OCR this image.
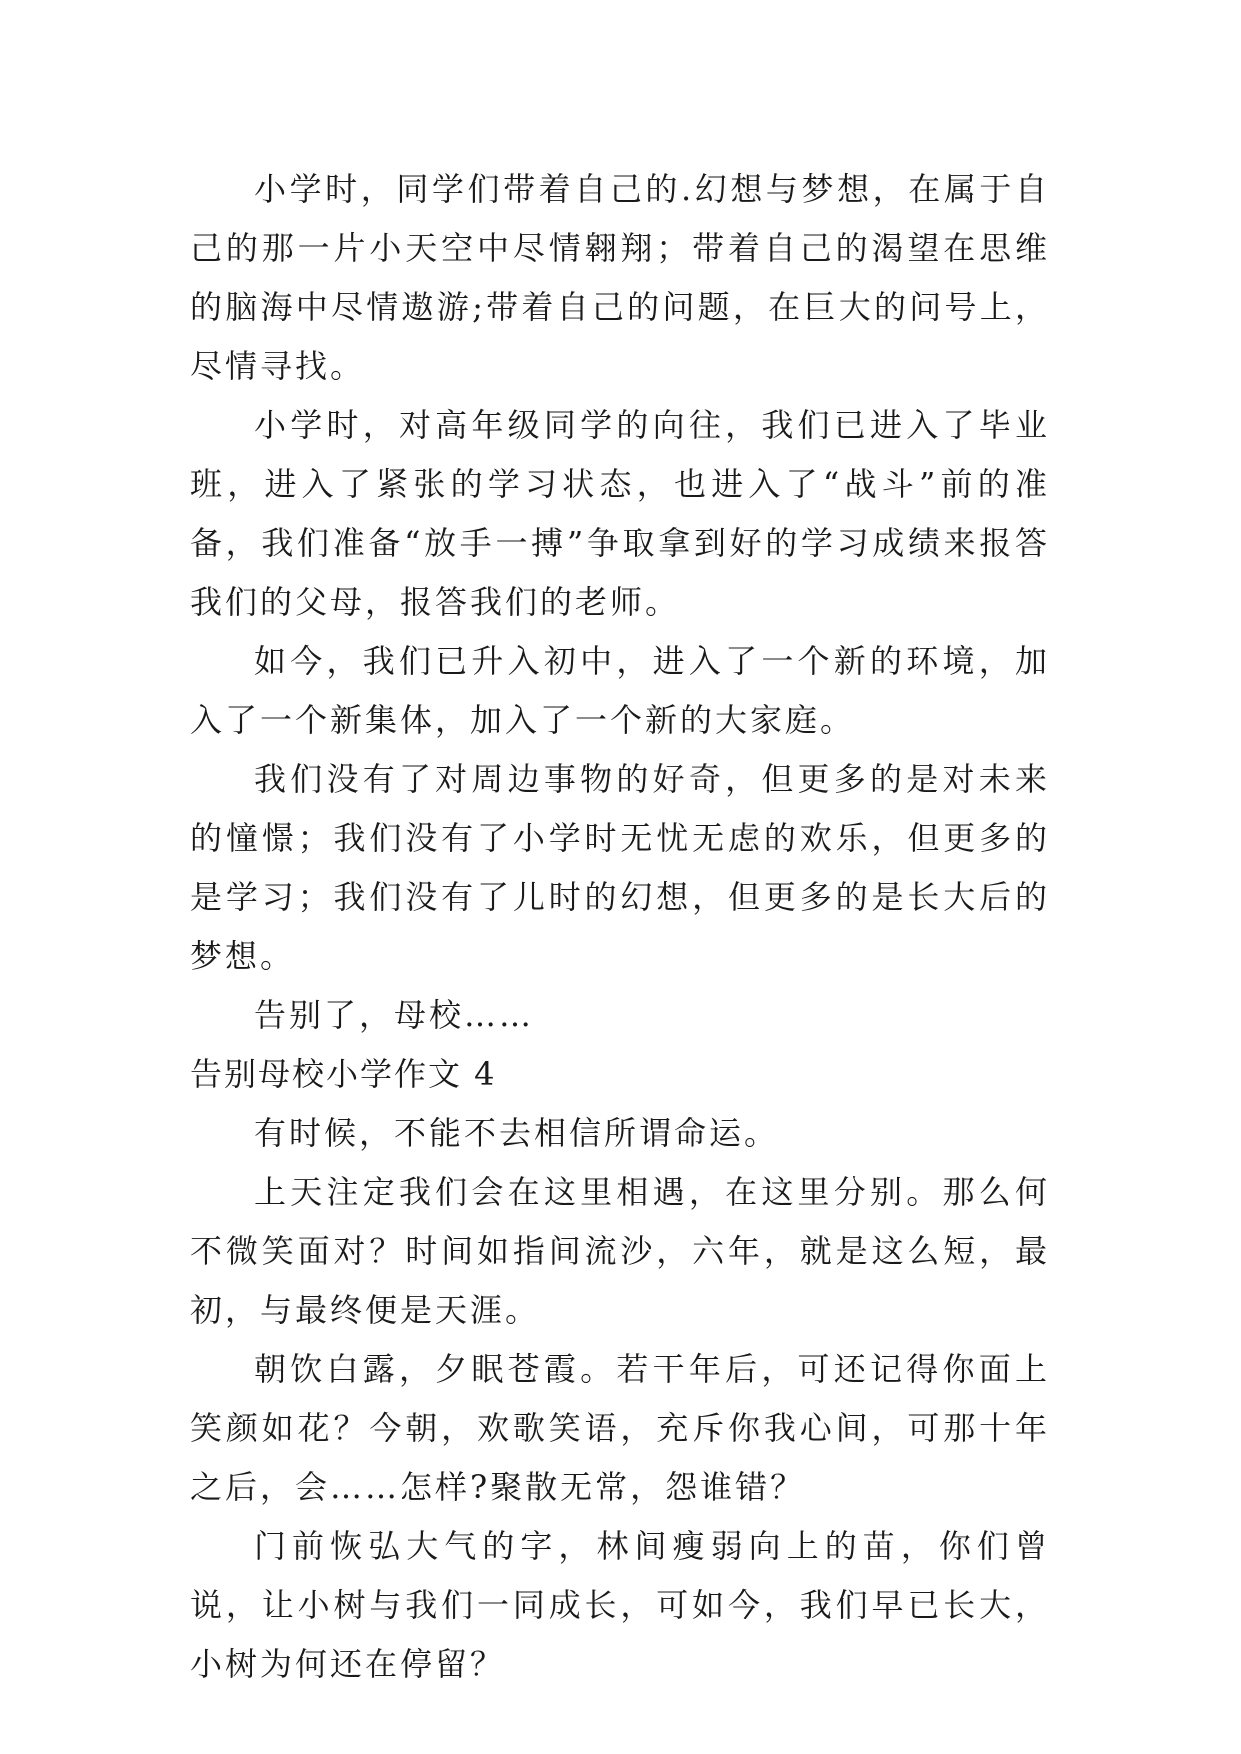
小学时，同学们带着自己的.幻想与梦想，在属于自己的那一片小天空中尽情翱翔；带着自己的渴望在思维的脑海中尽情遨游;带着自己的问题，在巨大的问号上，尽情寻找。

小学时，对高年级同学的向往，我们已进入了毕业班，进入了紧张的学习状态，也进入了“战斗”前的准备，我们准备“放手一搏”争取拿到好的学习成绩来报答我们的父母，报答我们的老师。

如今，我们已升入初中，进入了一个新的环境，加入了一个新集体，加入了一个新的大家庭。

我们没有了对周边事物的好奇，但更多的是对未来的憧憬；我们没有了小学时无忧无虑的欢乐，但更多的是学习；我们没有了儿时的幻想，但更多的是长大后的梦想。

告别了，母校……

告别母校小学作文 4

有时候，不能不去相信所谓命运。

上天注定我们会在这里相遇，在这里分别。那么何不微笑面对？时间如指间流沙，六年，就是这么短，最初，与最终便是天涯。

朝饮白露，夕眠苍霞。若干年后，可还记得你面上笑颜如花？今朝，欢歌笑语，充斥你我心间，可那十年之后，会……怎样?聚散无常，怨谁错？

门前恢弘大气的字，林间瘦弱向上的苗，你们曾说，让小树与我们一同成长，可如今，我们早已长大，小树为何还在停留？
